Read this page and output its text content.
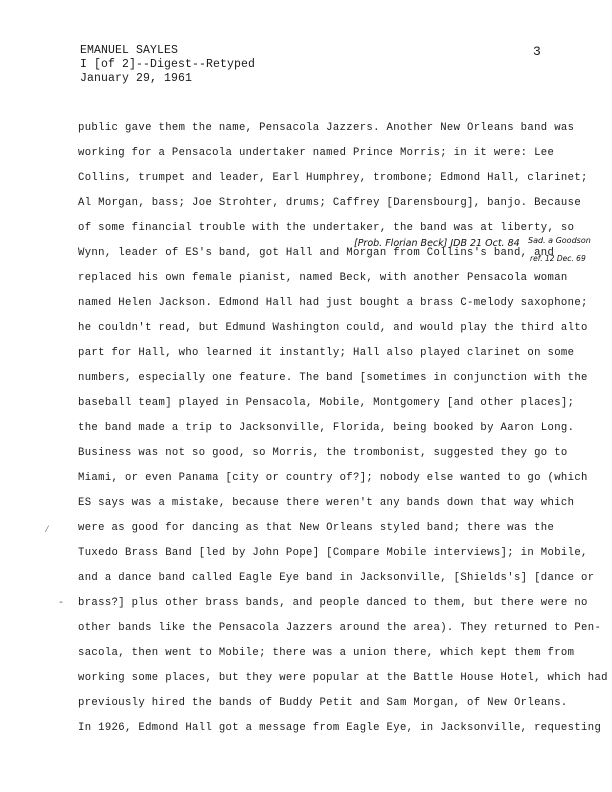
EMANUEL SAYLES
I [of 2]--Digest--Retyped
January 29, 1961
3
public gave them the name, Pensacola Jazzers. Another New Orleans band was
working for a Pensacola undertaker named Prince Morris; in it were: Lee
Collins, trumpet and leader, Earl Humphrey, trombone; Edmond Hall, clarinet;
Al Morgan, bass; Joe Strohter, drums; Caffrey [Darensbourg], banjo. Because
of some financial trouble with the undertaker, the band was at liberty, so
Wynn, leader of ES's band, got Hall and Morgan from Collins's band, and
replaced his own female pianist, named Beck, with another Pensacola woman
named Helen Jackson. Edmond Hall had just bought a brass C-melody saxophone;
he couldn't read, but Edmund Washington could, and would play the third alto
part for Hall, who learned it instantly; Hall also played clarinet on some
numbers, especially one feature. The band [sometimes in conjunction with the
baseball team] played in Pensacola, Mobile, Montgomery [and other places];
the band made a trip to Jacksonville, Florida, being booked by Aaron Long.
Business was not so good, so Morris, the trombonist, suggested they go to
Miami, or even Panama [city or country of?]; nobody else wanted to go (which
ES says was a mistake, because there weren't any bands down that way which
were as good for dancing as that New Orleans styled band; there was the
Tuxedo Brass Band [led by John Pope] [Compare Mobile interviews]; in Mobile,
and a dance band called Eagle Eye band in Jacksonville, [Shields's] [dance or
brass?] plus other brass bands, and people danced to them, but there were no
other bands like the Pensacola Jazzers around the area). They returned to Pen-
sacola, then went to Mobile; there was a union there, which kept them from
working some places, but they were popular at the Battle House Hotel, which had
previously hired the bands of Buddy Petit and Sam Morgan, of New Orleans.
In 1926, Edmond Hall got a message from Eagle Eye, in Jacksonville, requesting
[Prob. Florian Beck] JDB 21 Oct. 84 Sad. a Goodson
ref. 12 Dec. 69
⁄
-
